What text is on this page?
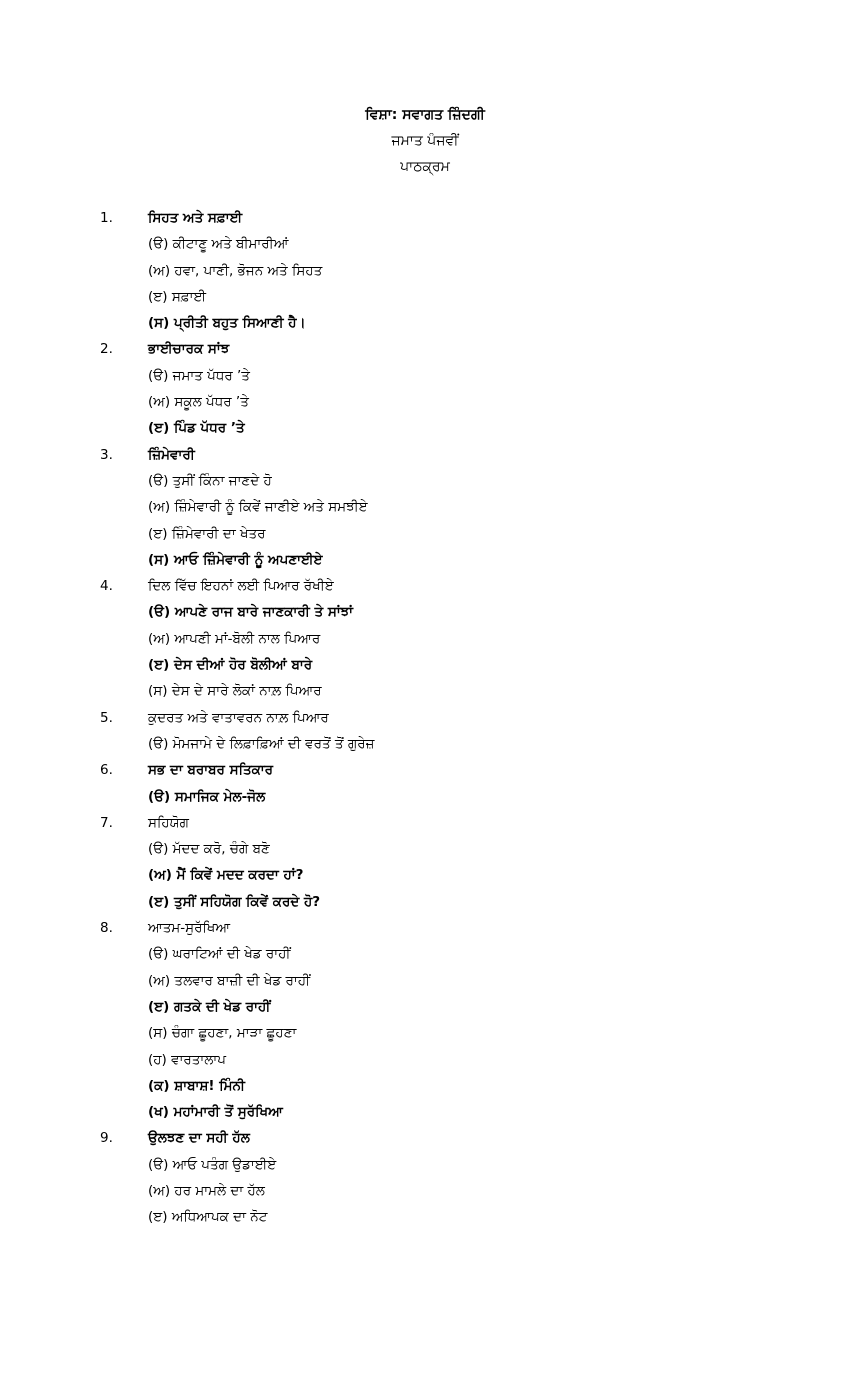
ਵਿਸ਼ਾ: ਸਵਾਗਤ ਜ਼ਿੰਦਗੀ
ਜਮਾਤ ਪੰਜਵੀਂ
ਪਾਠਕ੍ਰਮ
1.	ਸਿਹਤ ਅਤੇ ਸਫ਼ਾਈ
(ੳ) ਕੀਟਾਣੂ ਅਤੇ ਬੀਮਾਰੀਆਂ
(ਅ) ਹਵਾ, ਪਾਣੀ, ਭੋਜਨ ਅਤੇ ਸਿਹਤ
(ੲ) ਸਫ਼ਾਈ
(ਸ) ਪ੍ਰੀਤੀ ਬਹੁਤ ਸਿਆਣੀ ਹੈ।
2.	ਭਾਈਚਾਰਕ ਸਾਂਝ
(ੳ) ਜਮਾਤ ਪੱਧਰ ’ਤੇ
(ਅ) ਸਕੂਲ ਪੱਧਰ ’ਤੇ
(ੲ) ਪਿੰਡ ਪੱਧਰ ’ਤੇ
3.	ਜ਼ਿੰਮੇਵਾਰੀ
(ੳ) ਤੁਸੀਂ ਕਿੰਨਾ ਜਾਣਦੇ ਹੋ
(ਅ) ਜ਼ਿੰਮੇਵਾਰੀ ਨੂੰ ਕਿਵੇਂ ਜਾਣੀਏ ਅਤੇ ਸਮਝੀਏ
(ੲ) ਜ਼ਿੰਮੇਵਾਰੀ ਦਾ ਖੇਤਰ
(ਸ) ਆਓ ਜ਼ਿੰਮੇਵਾਰੀ ਨੂੰ ਅਪਣਾਈਏ
4.	ਦਿਲ ਵਿੱਚ ਇਹਨਾਂ ਲਈ ਪਿਆਰ ਰੱਖੀਏ
(ੳ) ਆਪਣੇ ਰਾਜ ਬਾਰੇ ਜਾਣਕਾਰੀ ਤੇ ਸਾਂਝਾਂ
(ਅ) ਆਪਣੀ ਮਾਂ-ਬੋਲੀ ਨਾਲ ਪਿਆਰ
(ੲ) ਦੇਸ ਦੀਆਂ ਹੋਰ ਬੋਲੀਆਂ ਬਾਰੇ
(ਸ) ਦੇਸ ਦੇ ਸਾਰੇ ਲੋਕਾਂ ਨਾਲ਼ ਪਿਆਰ
5.	ਕੁਦਰਤ ਅਤੇ ਵਾਤਾਵਰਨ ਨਾਲ਼ ਪਿਆਰ
(ੳ) ਮੋਮਜਾਮੇ ਦੇ ਲਿਫ਼ਾਫ਼ਿਆਂ ਦੀ ਵਰਤੋਂ ਤੋਂ ਗੁਰੇਜ਼
6.	ਸਭ ਦਾ ਬਰਾਬਰ ਸਤਿਕਾਰ
(ੳ) ਸਮਾਜਿਕ ਮੇਲ-ਜੋਲ
7.	ਸਹਿਯੋਗ
(ੳ) ਮੱਦਦ ਕਰੋ, ਚੰਗੇ ਬਣੋ
(ਅ) ਮੈਂ ਕਿਵੇਂ ਮਦਦ ਕਰਦਾ ਹਾਂ?
(ੲ) ਤੁਸੀਂ ਸਹਿਯੋਗ ਕਿਵੇਂ ਕਰਦੇ ਹੋ?
8.	ਆਤਮ-ਸੁਰੱਖਿਆ
(ੳ) ਘਰਾਟਿਆਂ ਦੀ ਖੇਡ ਰਾਹੀਂ
(ਅ) ਤਲਵਾਰ ਬਾਜ਼ੀ ਦੀ ਖੇਡ ਰਾਹੀਂ
(ੲ) ਗਤਕੇ ਦੀ ਖੇਡ ਰਾਹੀਂ
(ਸ) ਚੰਗਾ ਛੂਹਣਾ, ਮਾੜਾ ਛੂਹਣਾ
(ਹ) ਵਾਰਤਾਲਾਪ
(ਕ) ਸ਼ਾਬਾਸ਼! ਮਿੰਨੀ
(ਖ) ਮਹਾਂਮਾਰੀ ਤੋਂ ਸੁਰੱਖਿਆ
9.	ਉਲਝਣ ਦਾ ਸਹੀ ਹੱਲ
(ੳ) ਆਓ ਪਤੰਗ ਉਡਾਈਏ
(ਅ) ਹਰ ਮਾਮਲੇ ਦਾ ਹੱਲ
(ੲ) ਅਧਿਆਪਕ ਦਾ ਨੋਟ
